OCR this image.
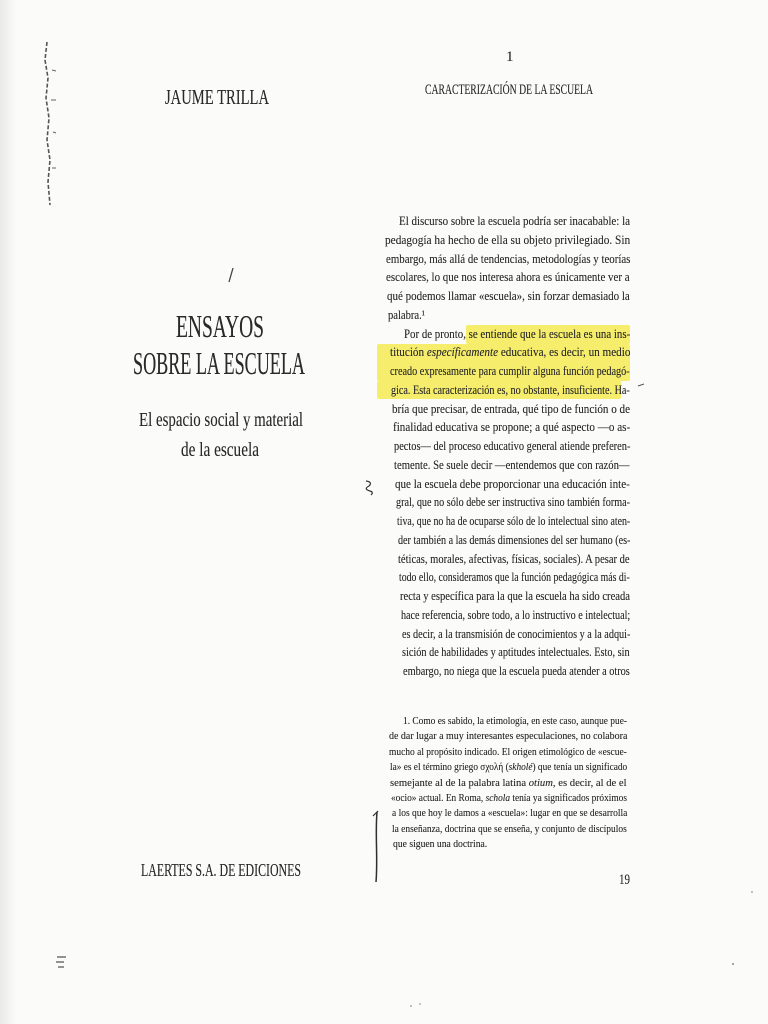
JAUME TRILLA
ENSAYOS
SOBRE LA ESCUELA
El espacio social y material
de la escuela
LAERTES S.A. DE EDICIONES
1
CARACTERIZACIÓN DE LA ESCUELA
El discurso sobre la escuela podría ser inacabable: la
pedagogía ha hecho de ella su objeto privilegiado. Sin
embargo, más allá de tendencias, metodologías y teorías
escolares, lo que nos interesa ahora es únicamente ver a
qué podemos llamar «escuela», sin forzar demasiado la
palabra.¹
Por de pronto, se entiende que la escuela es una ins-
titución específicamente educativa, es decir, un medio
creado expresamente para cumplir alguna función pedagó-
gica. Esta caracterización es, no obstante, insuficiente. Ha-
bría que precisar, de entrada, qué tipo de función o de
finalidad educativa se propone; a qué aspecto —o as-
pectos— del proceso educativo general atiende preferen-
temente. Se suele decir —entendemos que con razón—
que la escuela debe proporcionar una educación inte-
gral, que no sólo debe ser instructiva sino también forma-
tiva, que no ha de ocuparse sólo de lo intelectual sino aten-
der también a las demás dimensiones del ser humano (es-
téticas, morales, afectivas, físicas, sociales). A pesar de
todo ello, consideramos que la función pedagógica más di-
recta y específica para la que la escuela ha sido creada
hace referencia, sobre todo, a lo instructivo e intelectual;
es decir, a la transmisión de conocimientos y a la adqui-
sición de habilidades y aptitudes intelectuales. Esto, sin
embargo, no niega que la escuela pueda atender a otros
1. Como es sabido, la etimología, en este caso, aunque pue-
de dar lugar a muy interesantes especulaciones, no colabora
mucho al propósito indicado. El origen etimológico de «escue-
la» es el término griego σχολή (skholé) que tenía un significado
semejante al de la palabra latina otium, es decir, al de el
«ocio» actual. En Roma, schola tenía ya significados próximos
a los que hoy le damos a «escuela»: lugar en que se desarrolla
la enseñanza, doctrina que se enseña, y conjunto de discípulos
que siguen una doctrina.
19
